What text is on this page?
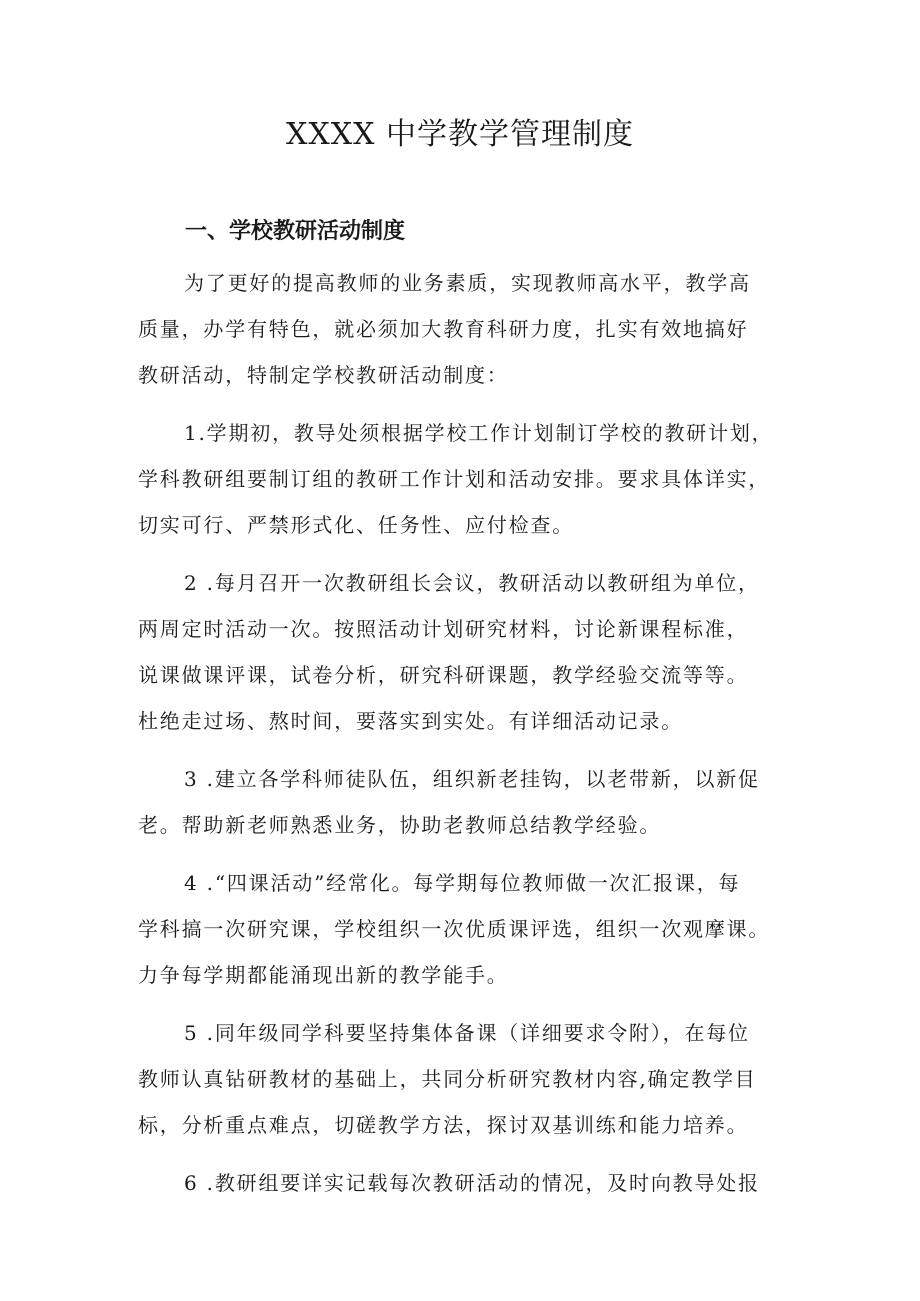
XXXX 中学教学管理制度
一、学校教研活动制度

为了更好的提高教师的业务素质，实现教师高水平，教学高
质量，办学有特色，就必须加大教育科研力度，扎实有效地搞好
教研活动，特制定学校教研活动制度：

1.学期初，教导处须根据学校工作计划制订学校的教研计划，
学科教研组要制订组的教研工作计划和活动安排。要求具体详实，
切实可行、严禁形式化、任务性、应付检查。

2 .每月召开一次教研组长会议，教研活动以教研组为单位，
两周定时活动一次。按照活动计划研究材料，讨论新课程标准，
说课做课评课，试卷分析，研究科研课题，教学经验交流等等。
杜绝走过场、熬时间，要落实到实处。有详细活动记录。

3 .建立各学科师徒队伍，组织新老挂钩，以老带新，以新促
老。帮助新老师熟悉业务，协助老教师总结教学经验。

4 .“四课活动”经常化。每学期每位教师做一次汇报课，每
学科搞一次研究课，学校组织一次优质课评选，组织一次观摩课。
力争每学期都能涌现出新的教学能手。

5 .同年级同学科要坚持集体备课（详细要求令附），在每位
教师认真钻研教材的基础上，共同分析研究教材内容,确定教学目
标，分析重点难点，切磋教学方法，探讨双基训练和能力培养。

6 .教研组要详实记载每次教研活动的情况，及时向教导处报
